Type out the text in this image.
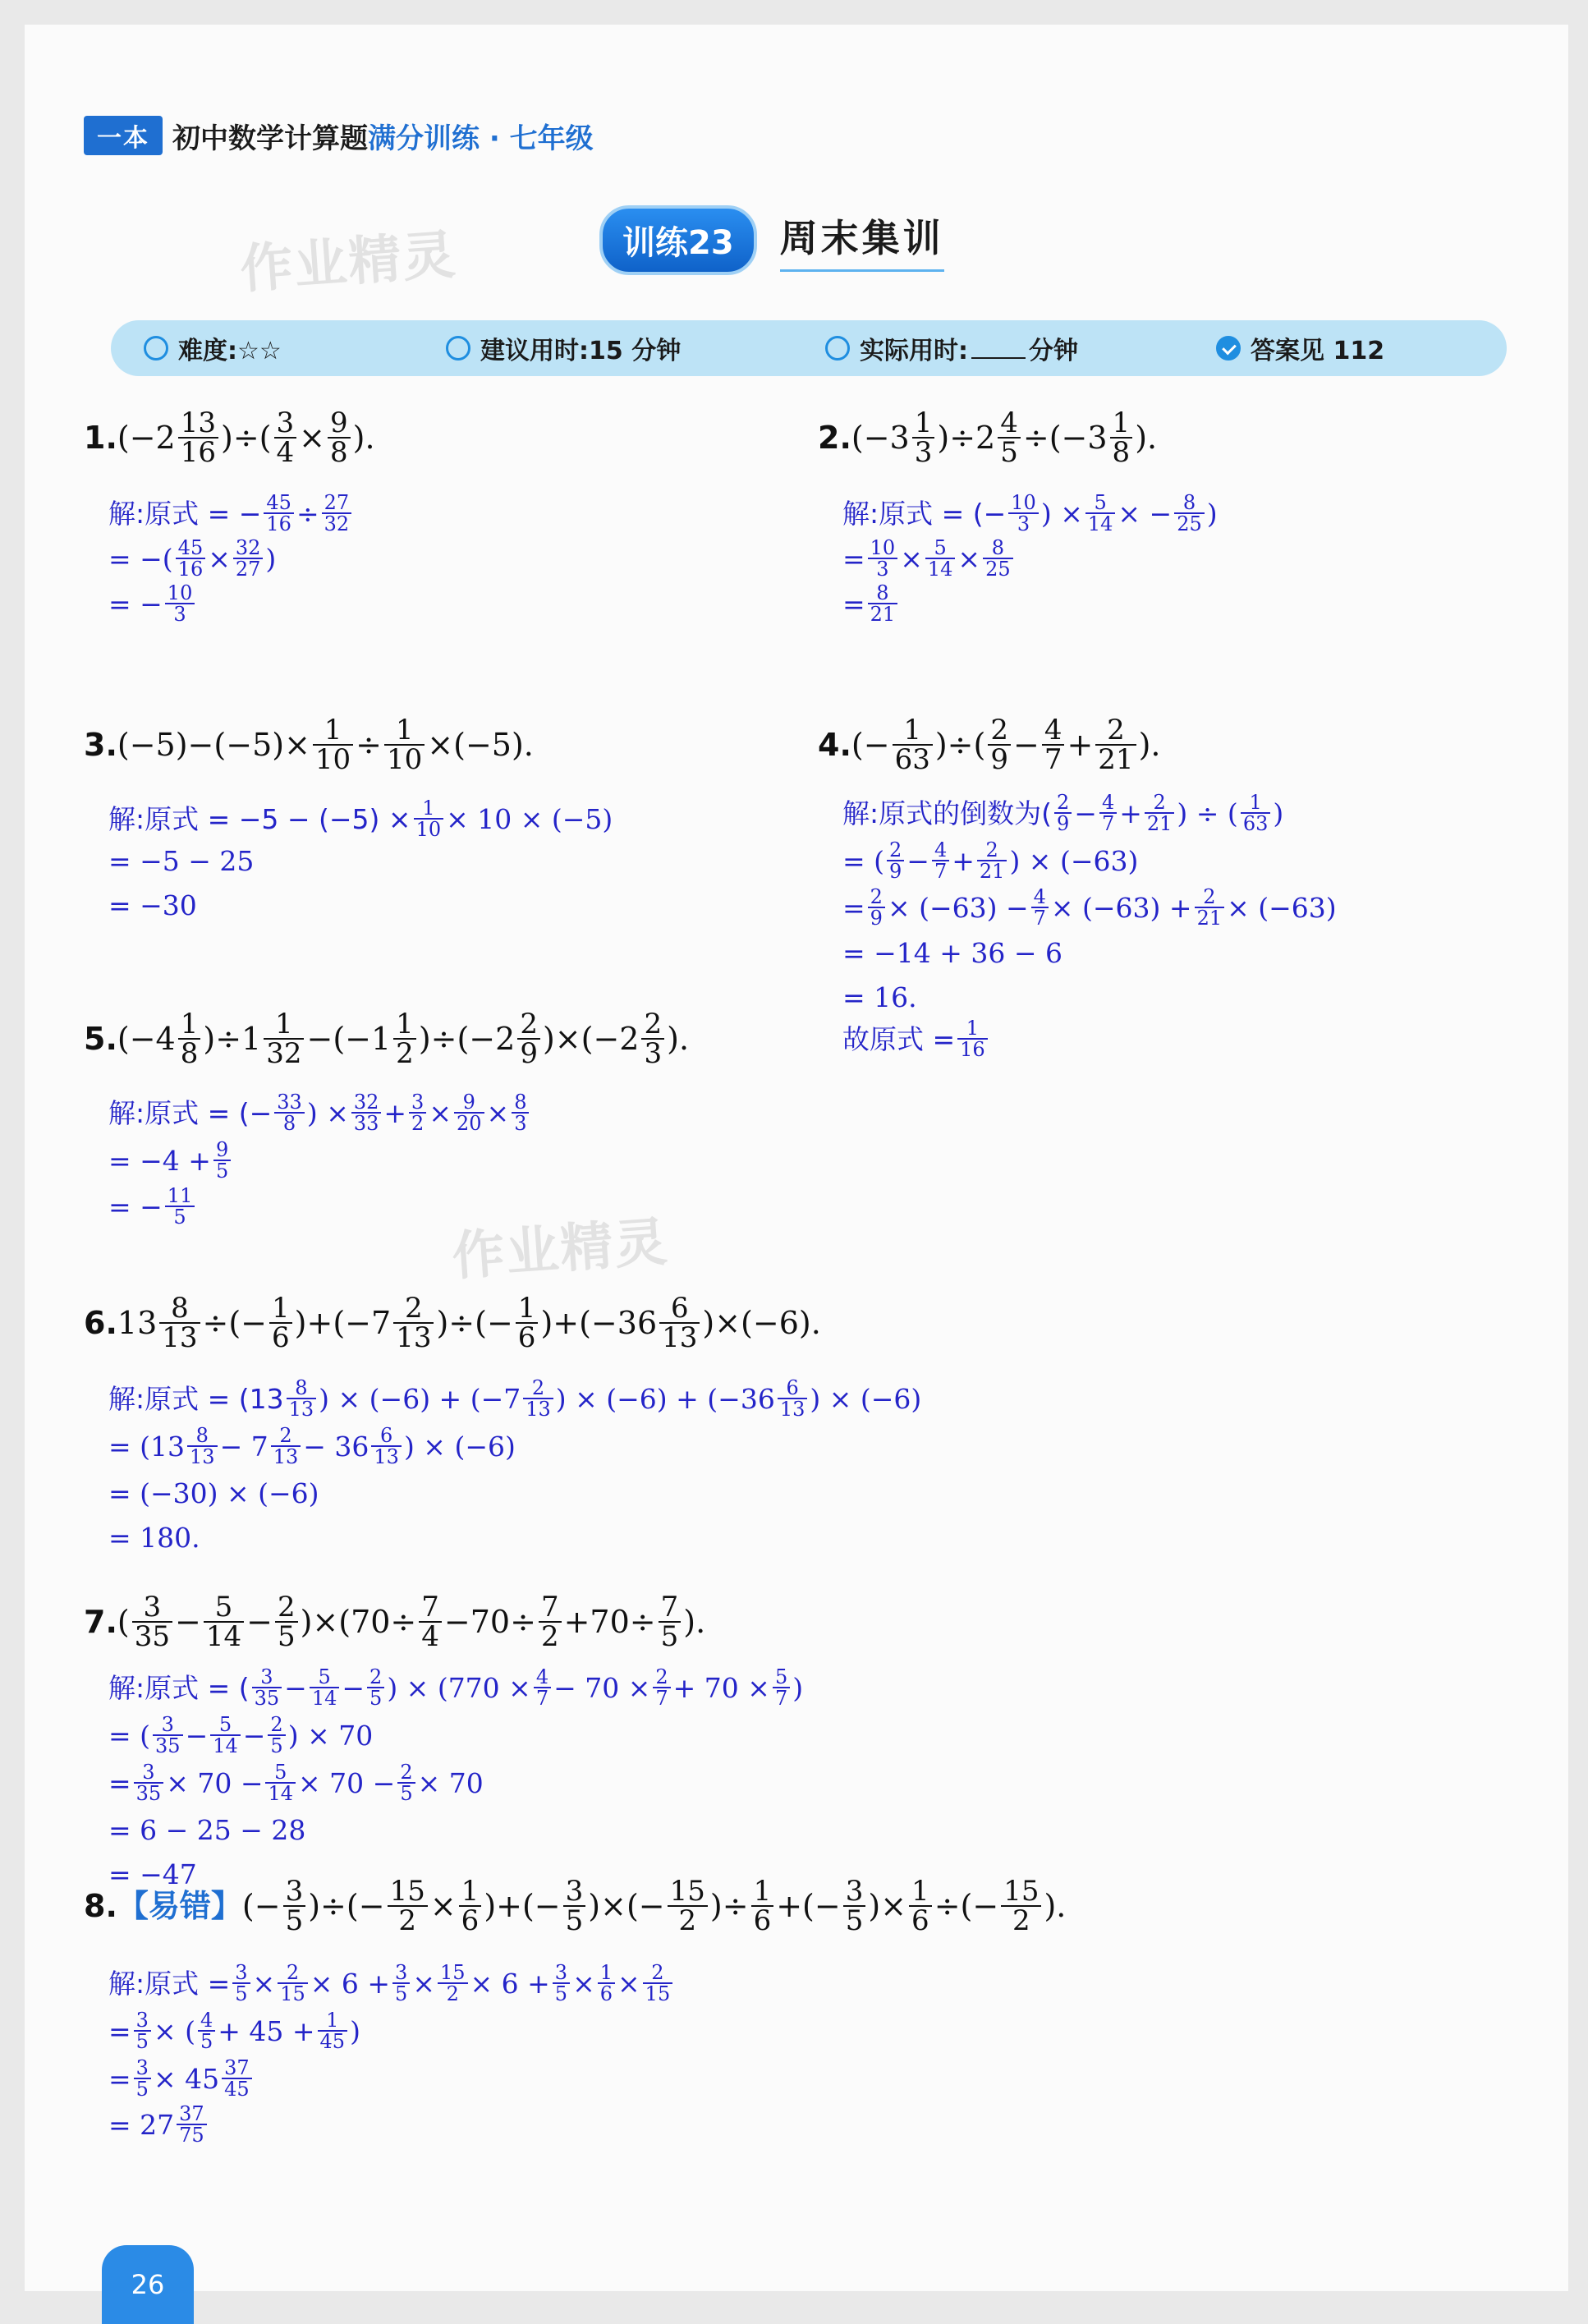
一本 初中数学计算题 满分训练 · 七年级
训练23	周末集训
作业精灵
作业精灵
难度:☆☆	建议用时:15 分钟	实际用时: 分钟	答案见 112
$1.(-2 \frac{13}{16}$ )÷( $\frac{3}{4} \times \frac{9}{8}$ ).
解:原式 = − $\frac{45}{16} \div \frac{27}{32}$
= −( $\frac{45}{16} \times \frac{32}{27}$ )
= − $\frac{10}{3}$
$2.(-3 \frac{1}{3} )\div 2 \frac{4}{5} \div(-3 \frac{1}{8}$ ).
解:原式 = (− $\frac{10}{3}$ ) × $\frac{5}{14}$ × − $\frac{8}{25}$ )
= $\frac{10}{3} \times \frac{5}{14} \times \frac{8}{25}$
= $\frac{8}{21}$
$3.(-5)-(-5)\times \frac{1}{10} \div \frac{1}{10} \times(-5)$.
解:原式 = $-5 - (-5) \times \frac{1}{10} \times 10 \times (-5)$
= −5 − 25
= −30
$4.(- \frac{1}{63}$ )÷( $\frac{2}{9} - \frac{4}{7} + \frac{2}{21}$ ).
解:原式的倒数为( $\frac{2}{9} - \frac{4}{7} + \frac{2}{21}$ ) ÷ ( $\frac{1}{63}$ )
= ( $\frac{2}{9} - \frac{4}{7} + \frac{2}{21}$ ) × (−63)
= $\frac{2}{9} \times (-63) - \frac{4}{7} \times (-63) + \frac{2}{21} \times (-63)$
= −14 + 36 − 6
= 16.
故原式 = $\frac{1}{16}$
$5.(-4 \frac{1}{8} )\div 1 \frac{1}{32} -(-1 \frac{1}{2} )\div(-2 \frac{2}{9} )\times(-2 \frac{2}{3}$ ).
解:原式 = (− $\frac{33}{8}$ ) × $\frac{32}{33} + \frac{3}{2} \times \frac{9}{20} \times \frac{8}{3}$
= $-4 + \frac{9}{5}$
= − $\frac{11}{5}$
$6.13 \frac{8}{13}$ ÷(− $\frac{1}{6} )+(-7 \frac{2}{13}$ )÷(− $\frac{1}{6} )+(-36 \frac{6}{13} )\times(-6)$.
解:原式 = ($13 \frac{8}{13}$ ) × $(-6) + (-7 \frac{2}{13}$ ) × $(-6) + (-36 \frac{6}{13}$ ) × (−6)
= ($13 \frac{8}{13} - 7 \frac{2}{13} - 36 \frac{6}{13}$ ) × (−6)
= (−30) × (−6)
= 180.
$7.( \frac{3}{35} - \frac{5}{14} - \frac{2}{5} )\times(70\div \frac{7}{4} -70\div \frac{7}{2} +70\div \frac{7}{5}$ ).
解:原式 = ( $\frac{3}{35} - \frac{5}{14} - \frac{2}{5}$ ) × ($770 \times \frac{4}{7} - 70 \times \frac{2}{7} + 70 \times \frac{5}{7}$ )
= ( $\frac{3}{35} - \frac{5}{14} - \frac{2}{5}$ ) × 70
= $\frac{3}{35} \times 70 - \frac{5}{14} \times 70 - \frac{2}{5} \times 70$
= 6 − 25 − 28
= −47
8.【易错】(− $\frac{3}{5}$ )÷(− $\frac{15}{2} \times \frac{1}{6}$ )+(− $\frac{3}{5}$ )×(− $\frac{15}{2}$ )÷ $\frac{1}{6}$ +(− $\frac{3}{5}$ )× $\frac{1}{6}$ ÷(− $\frac{15}{2}$ ).
解:原式 = $\frac{3}{5} \times \frac{2}{15} \times 6 + \frac{3}{5} \times \frac{15}{2} \times 6 + \frac{3}{5} \times \frac{1}{6} \times \frac{2}{15}$
= $\frac{3}{5}$ × ( $\frac{4}{5} + 45 + \frac{1}{45}$ )
= $\frac{3}{5} \times 45 \frac{37}{45}$
= $27 \frac{37}{75}$
26
